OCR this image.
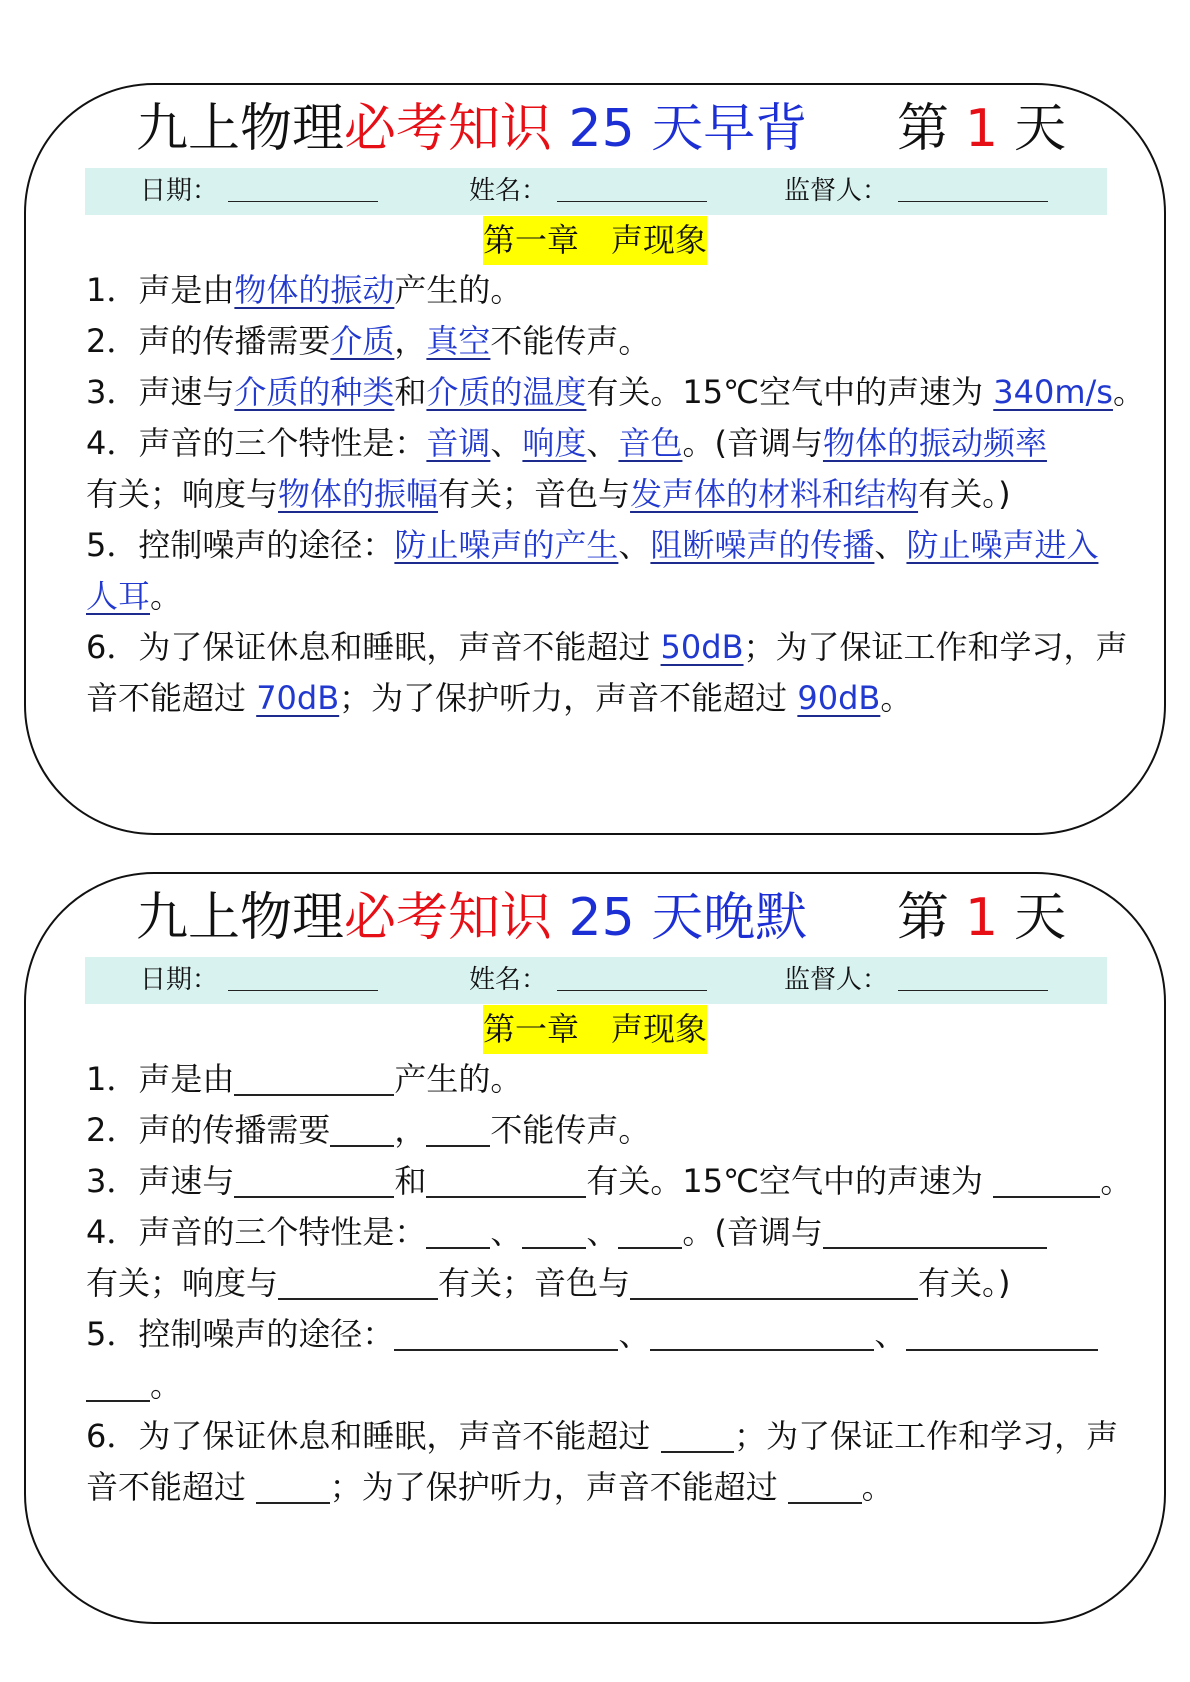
九上物理必考知识 25 天早背 第 1 天
日期：	姓名：	监督人：
第一章　声现象
1．声是由 物体的振动 产生的。
2．声的传播需要 介质 ， 真空 不能传声。
3．声速与 介质的种类 和 介质的温度 有关。15℃空气中的声速为 340m/s 。
4．声音的三个特性是： 音调 、 响度 、 音色 。(音调与 物体的振动频率
有关；响度与 物体的振幅 有关；音色与 发声体的材料和结构 有关。)
5．控制噪声的途径： 防止噪声的产生 、 阻断噪声的传播 、 防止噪声进入
人耳 。
6．为了保证休息和睡眠，声音不能超过 50dB ；为了保证工作和学习，声
音不能超过 70dB ；为了保护听力，声音不能超过 90dB 。
九上物理必考知识 25 天晚默 第 1 天
日期：	姓名：	监督人：
第一章　声现象
1．声是由	产生的。
2．声的传播需要 ， 不能传声。
3．声速与	和	有关。15℃空气中的声速为	。
4．声音的三个特性是： 、 、 。(音调与
有关；响度与	有关；音色与	有关。)
5．控制噪声的途径：	、	、
。
6．为了保证休息和睡眠，声音不能超过 ；为了保证工作和学习，声
音不能超过 ；为了保护听力，声音不能超过 。
